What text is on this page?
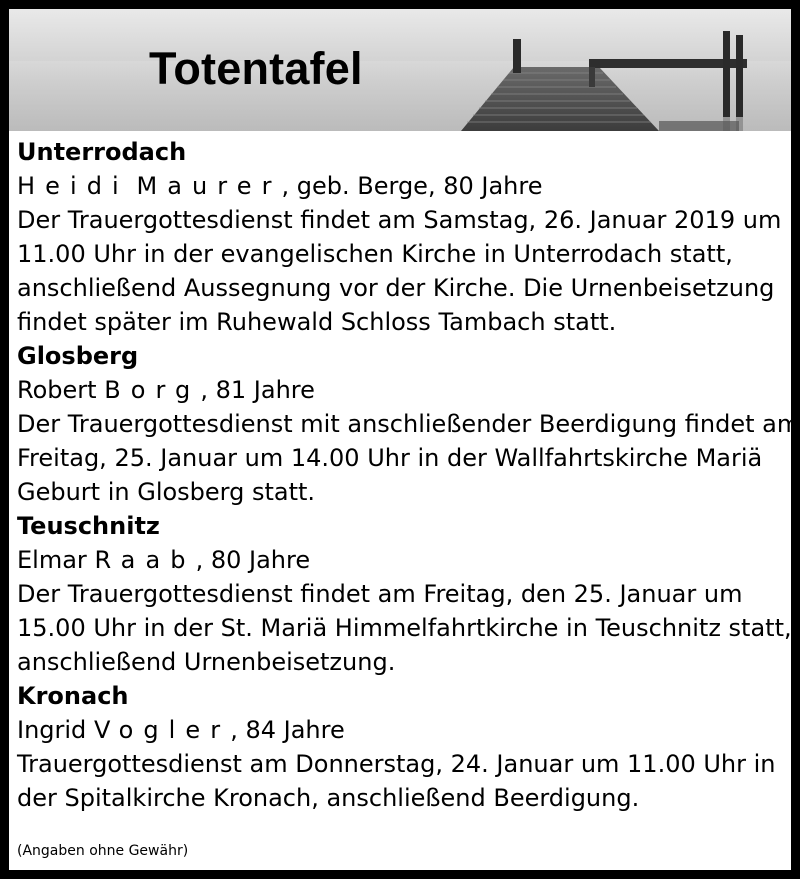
Totentafel
Unterrodach
Heidi Maurer, geb. Berge, 80 Jahre
Der Trauergottesdienst findet am Samstag, 26. Januar 2019 um
11.00 Uhr in der evangelischen Kirche in Unterrodach statt,
anschließend Aussegnung vor der Kirche. Die Urnenbeisetzung
findet später im Ruhewald Schloss Tambach statt.
Glosberg
Robert Borg, 81 Jahre
Der Trauergottesdienst mit anschließender Beerdigung findet am
Freitag, 25. Januar um 14.00 Uhr in der Wallfahrtskirche Mariä
Geburt in Glosberg statt.
Teuschnitz
Elmar Raab, 80 Jahre
Der Trauergottesdienst findet am Freitag, den 25. Januar um
15.00 Uhr in der St. Mariä Himmelfahrtkirche in Teuschnitz statt,
anschließend Urnenbeisetzung.
Kronach
Ingrid Vogler, 84 Jahre
Trauergottesdienst am Donnerstag, 24. Januar um 11.00 Uhr in
der Spitalkirche Kronach, anschließend Beerdigung.
(Angaben ohne Gewähr)
